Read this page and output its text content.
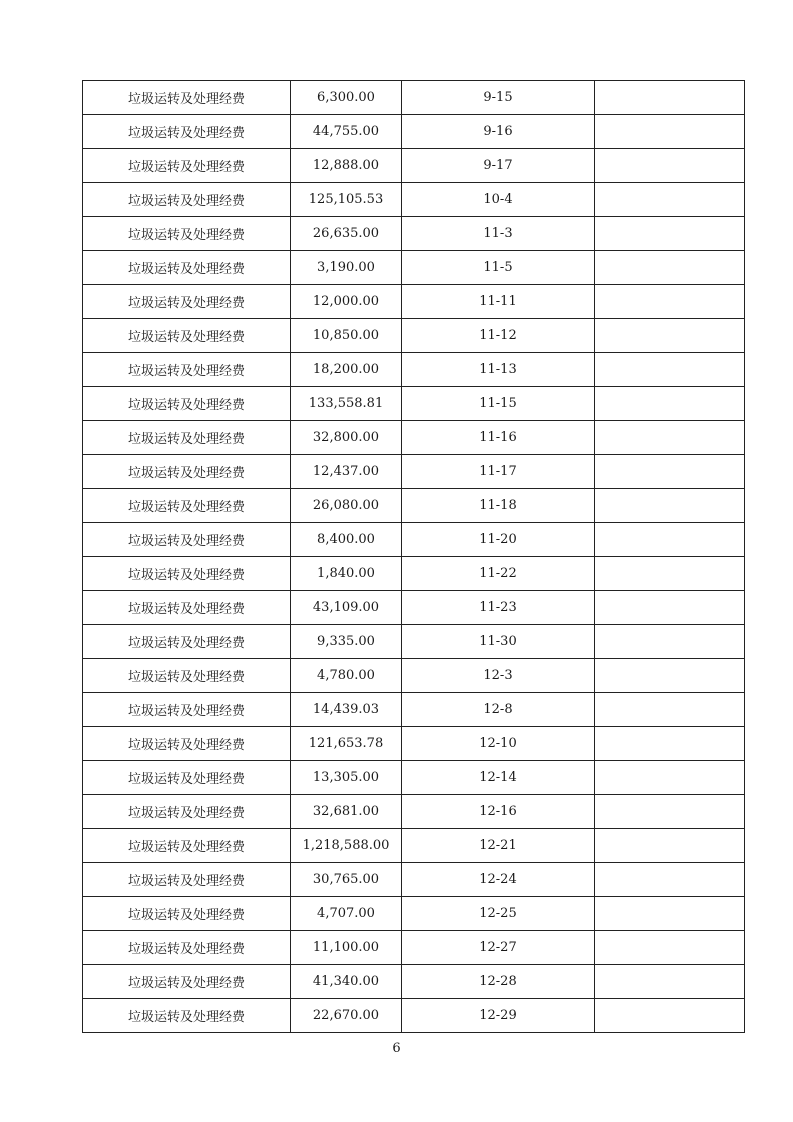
垃圾运转及处理经费	6,300.00	9-15	
垃圾运转及处理经费	44,755.00	9-16	
垃圾运转及处理经费	12,888.00	9-17	
垃圾运转及处理经费	125,105.53	10-4	
垃圾运转及处理经费	26,635.00	11-3	
垃圾运转及处理经费	3,190.00	11-5	
垃圾运转及处理经费	12,000.00	11-11	
垃圾运转及处理经费	10,850.00	11-12	
垃圾运转及处理经费	18,200.00	11-13	
垃圾运转及处理经费	133,558.81	11-15	
垃圾运转及处理经费	32,800.00	11-16	
垃圾运转及处理经费	12,437.00	11-17	
垃圾运转及处理经费	26,080.00	11-18	
垃圾运转及处理经费	8,400.00	11-20	
垃圾运转及处理经费	1,840.00	11-22	
垃圾运转及处理经费	43,109.00	11-23	
垃圾运转及处理经费	9,335.00	11-30	
垃圾运转及处理经费	4,780.00	12-3	
垃圾运转及处理经费	14,439.03	12-8	
垃圾运转及处理经费	121,653.78	12-10	
垃圾运转及处理经费	13,305.00	12-14	
垃圾运转及处理经费	32,681.00	12-16	
垃圾运转及处理经费	1,218,588.00	12-21	
垃圾运转及处理经费	30,765.00	12-24	
垃圾运转及处理经费	4,707.00	12-25	
垃圾运转及处理经费	11,100.00	12-27	
垃圾运转及处理经费	41,340.00	12-28	
垃圾运转及处理经费	22,670.00	12-29	
6
